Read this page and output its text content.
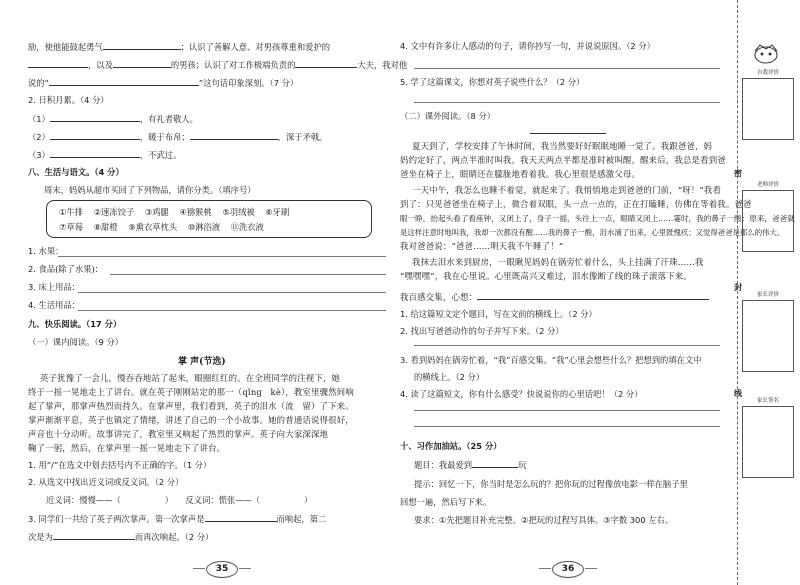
励，使他能鼓起勇气	；认识了善解人意、对男孩尊重和爱护的
，以及	的男孩；认识了对工作极端负责的	大夫，我对他
说的“	”这句话印象深刻。（7 分）
2. 日积月累。（4 分）
（1）	，有礼者敬人。
（2）	，暖于布帛；	，深于矛戟。
（3）	，不武过。
八、生活与语文。（4 分）
周末，妈妈从超市买回了下列物品，请你分类。（填序号）
①牛排 ②速冻饺子 ③鸡腿 ④猕猴桃 ⑤羽绒被 ⑥牙刷
⑦草莓 ⑧甜橙 ⑨熏衣草枕头 ⑩淋浴液 ⑪洗衣液
1. 水果：
2. 食品(除了水果)：
3. 床上用品：
4. 生活用品：
九、快乐阅读。（17 分）
（一）课内阅读。（9 分）
掌 声(节选)
英子犹豫了一会儿，慢吞吞地站了起来，眼圈红红的。在全班同学的注视下，她
终于一摇一晃地走上了讲台。就在英子刚刚站定的那一（qǐng　kè），教室里骤然间响
起了掌声，那掌声热烈而持久。在掌声里，我们看到，英子的泪水（流　留）了下来。
掌声渐渐平息，英子也镇定了情绪，讲述了自己的一个小故事。她的普通话说得很好，
声音也十分动听。故事讲完了，教室里又响起了热烈的掌声。英子向大家深深地
鞠了一躬，然后，在掌声里一摇一晃地走下了讲台。
1. 用“/”在选文中划去括号内不正确的字。（1 分）
2. 从选文中找出近义词或反义词。（2 分）
近义词：慢慢——（	）　　反义词：慌张——（	）
3. 同学们一共给了英子两次掌声。第一次掌声是	而响起，第二
次是为	而再次响起。（2 分）
35
4. 文中有许多让人感动的句子，请你抄写一句，并说说原因。（2 分）
5. 学了这篇课文，你想对英子说些什么？（2 分）
（二）课外阅读。（8 分）
夏天到了，学校安排了午休时间，我当然要好好眠眠地睡一觉了。我跟爸爸，妈
妈约定好了，两点半准时叫我。我天天两点半都是准时被叫醒。醒来后，我总是看到爸
爸坐在椅子上，眼睛还在朦胧地看着我。我心里很是感激父母。
一天中午，我怎么也睡不着觉，就起来了。我悄悄地走到爸爸的门前，“呀！”我看
到了：只见爸爸坐在椅子上，微合着双眼，头一点一点的，正在打瞌睡，仿佛在等着我。爸爸
眼一睁，抬起头看了看座钟，又闭上了，身子一摇，头往上一点，眼睛又闭上……霎时，我的鼻子一酸：原来，爸爸就
是这样注意时地叫我，我却一次都没有醒……我的鼻子一酸，泪水涌了出来，心里既愧疚；又觉得爸爸是那么的伟大。
我对爸爸说：“爸爸……明天我不午睡了！”
我抹去泪水来到厨房，一眼瞅见妈妈在锅旁忙着什么，头上挂满了汗珠……我
“嘿嘿嘿”，我在心里说。心里既高兴又难过，泪水像断了线的珠子滚落下来。
我百感交集，心想：
1. 给这篇短文定个题目，写在文前的横线上。（2 分）
2. 找出写爸爸动作的句子并写下来。（2 分）
3. 看到妈妈在锅旁忙着，“我”百感交集。“我”心里会想些什么？把想到的填在文中
的横线上。（2 分）
4. 读了这篇短文，你有什么感受？快说说你的心里话吧！（2 分）
十、习作加油站。（25 分）
题目：我最爱到	玩
提示：回忆一下，你当时是怎么玩的？把你玩的过程像放电影一样在脑子里
回想一遍，然后写下来。
要求：①先把题目补充完整。②把玩的过程写具体。③字数 300 左右。
36
自我评价
密
老师评价
封
家长评价
线
家长签名
